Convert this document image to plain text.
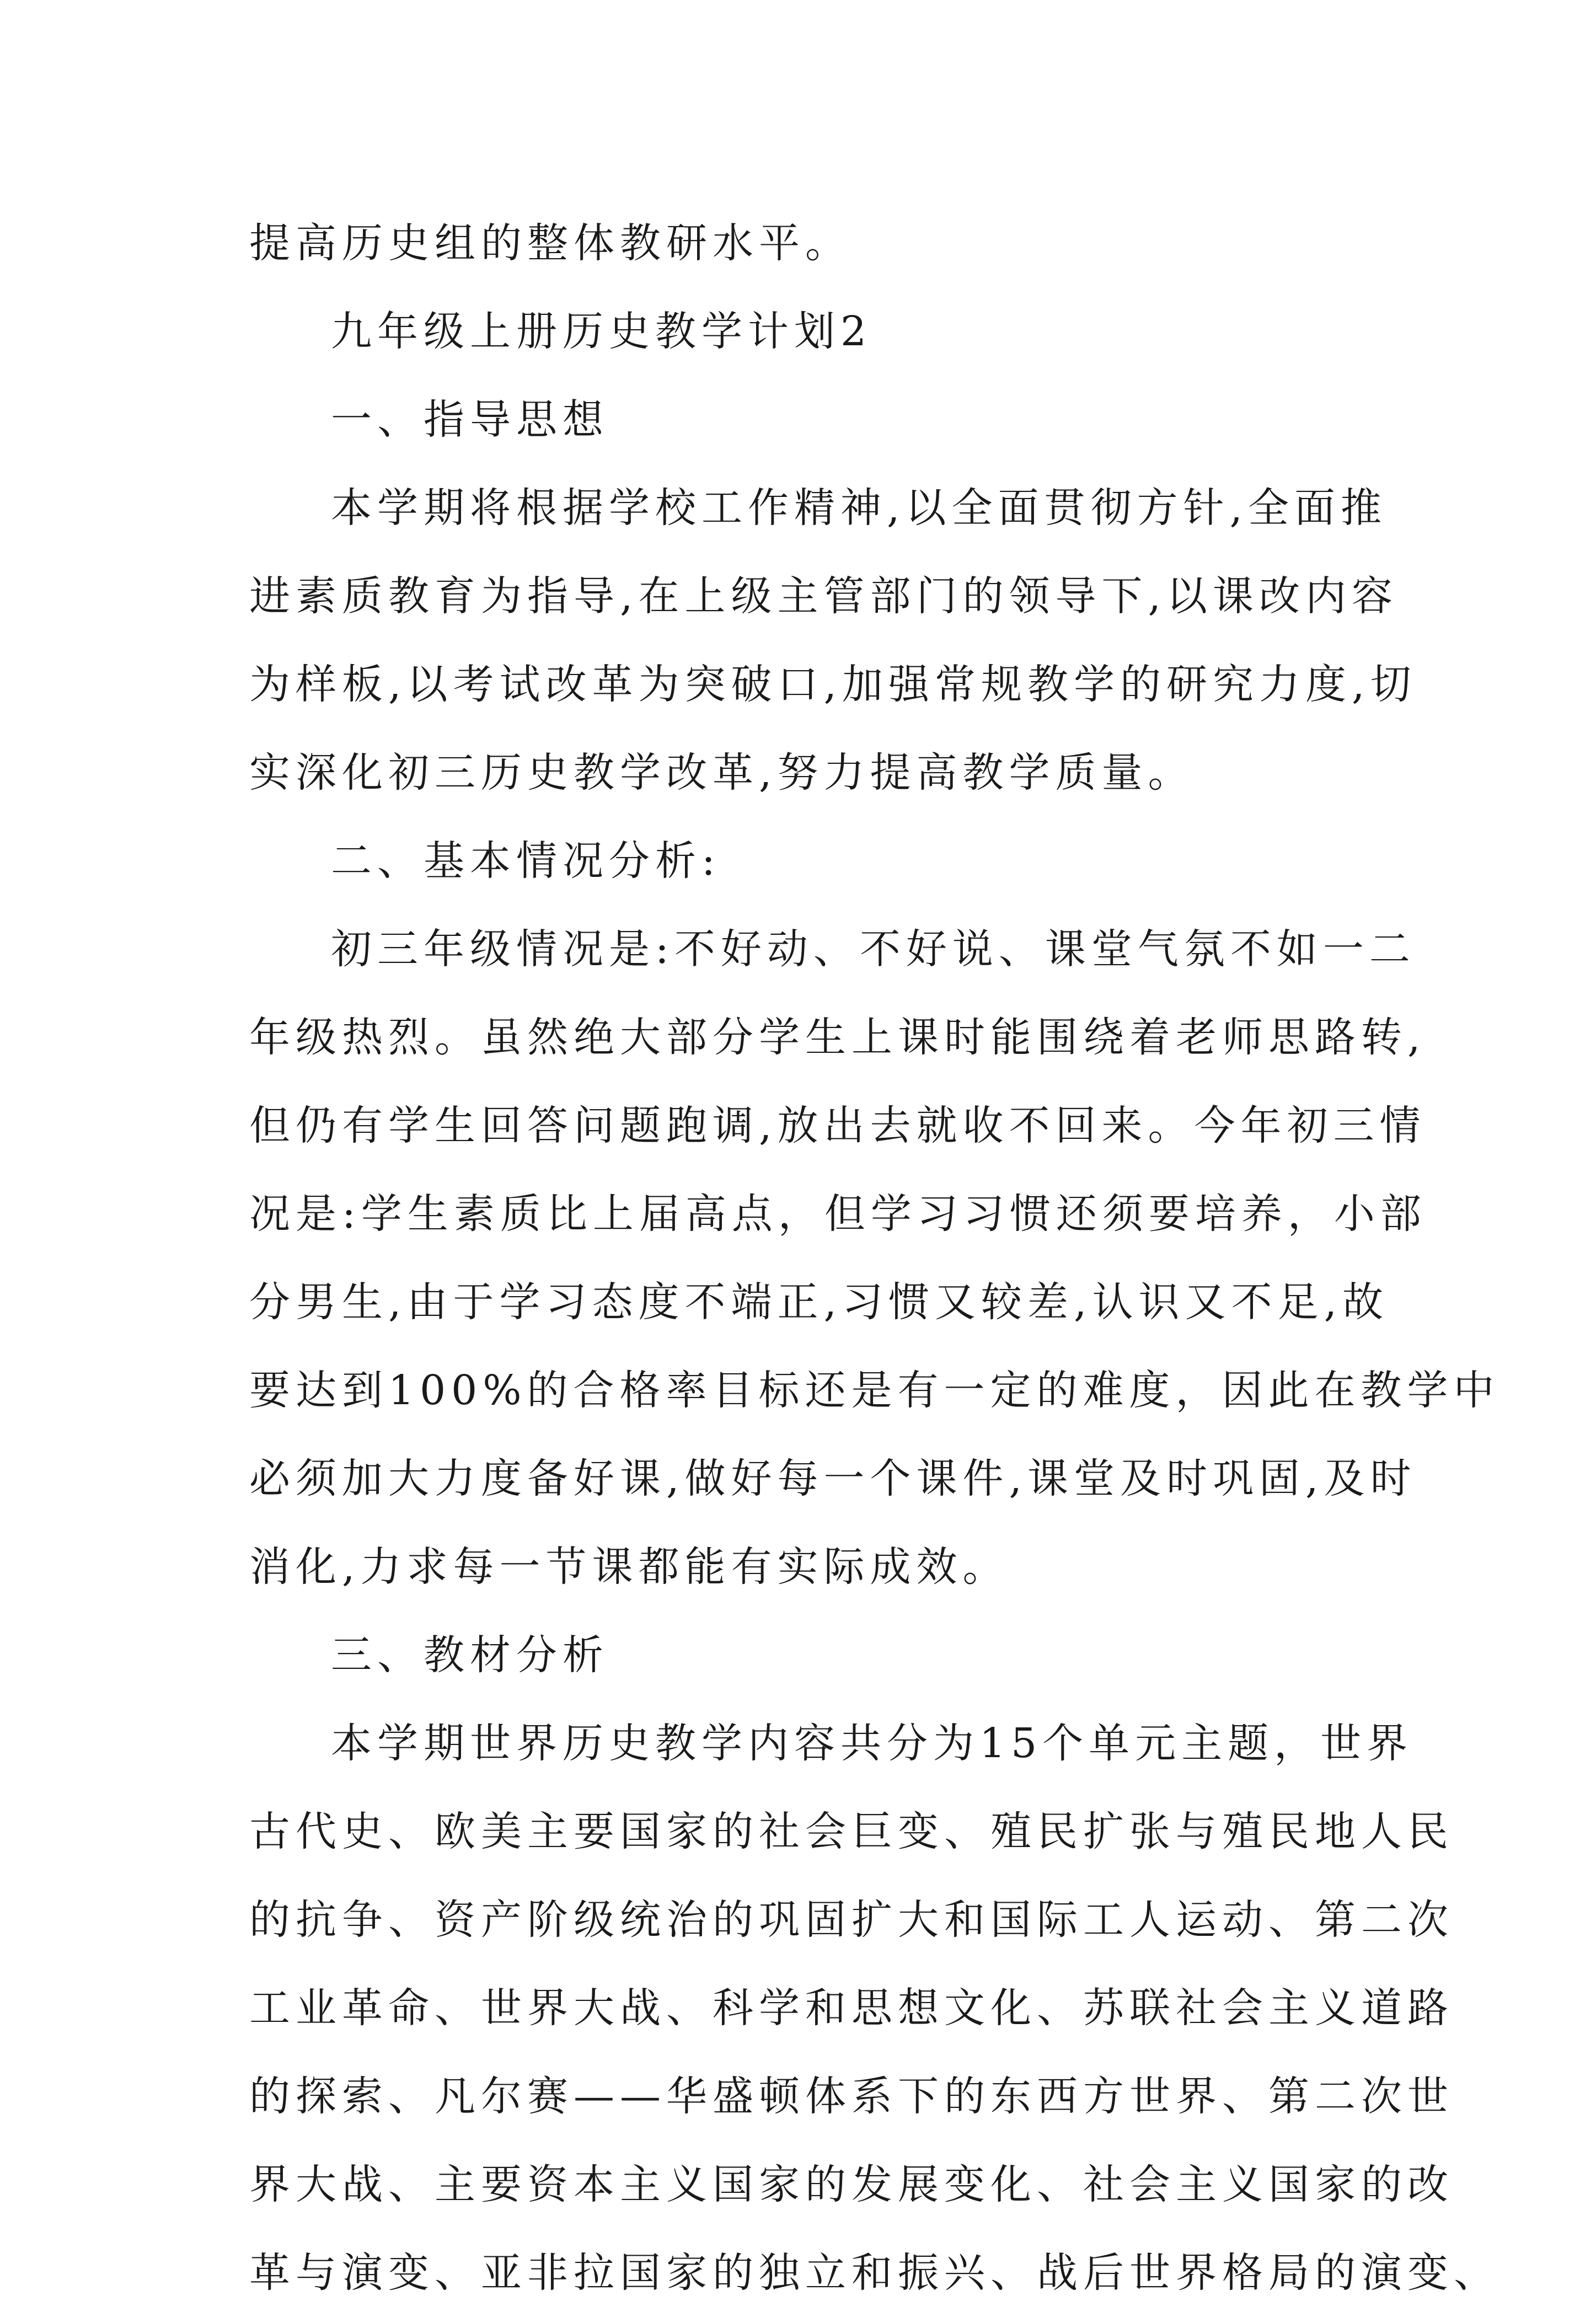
提高历史组的整体教研水平。
九年级上册历史教学计划2
一、指导思想
本学期将根据学校工作精神,以全面贯彻方针,全面推
进素质教育为指导,在上级主管部门的领导下,以课改内容
为样板,以考试改革为突破口,加强常规教学的研究力度,切
实深化初三历史教学改革,努力提高教学质量。
二、基本情况分析:
初三年级情况是:不好动、不好说、课堂气氛不如一二
年级热烈。虽然绝大部分学生上课时能围绕着老师思路转,
但仍有学生回答问题跑调,放出去就收不回来。今年初三情
况是:学生素质比上届高点，但学习习惯还须要培养，小部
分男生,由于学习态度不端正,习惯又较差,认识又不足,故
要达到100%的合格率目标还是有一定的难度，因此在教学中
必须加大力度备好课,做好每一个课件,课堂及时巩固,及时
消化,力求每一节课都能有实际成效。
三、教材分析
本学期世界历史教学内容共分为15个单元主题，世界
古代史、欧美主要国家的社会巨变、殖民扩张与殖民地人民
的抗争、资产阶级统治的巩固扩大和国际工人运动、第二次
工业革命、世界大战、科学和思想文化、苏联社会主义道路
的探索、凡尔赛——华盛顿体系下的东西方世界、第二次世
界大战、主要资本主义国家的发展变化、社会主义国家的改
革与演变、亚非拉国家的独立和振兴、战后世界格局的演变、
